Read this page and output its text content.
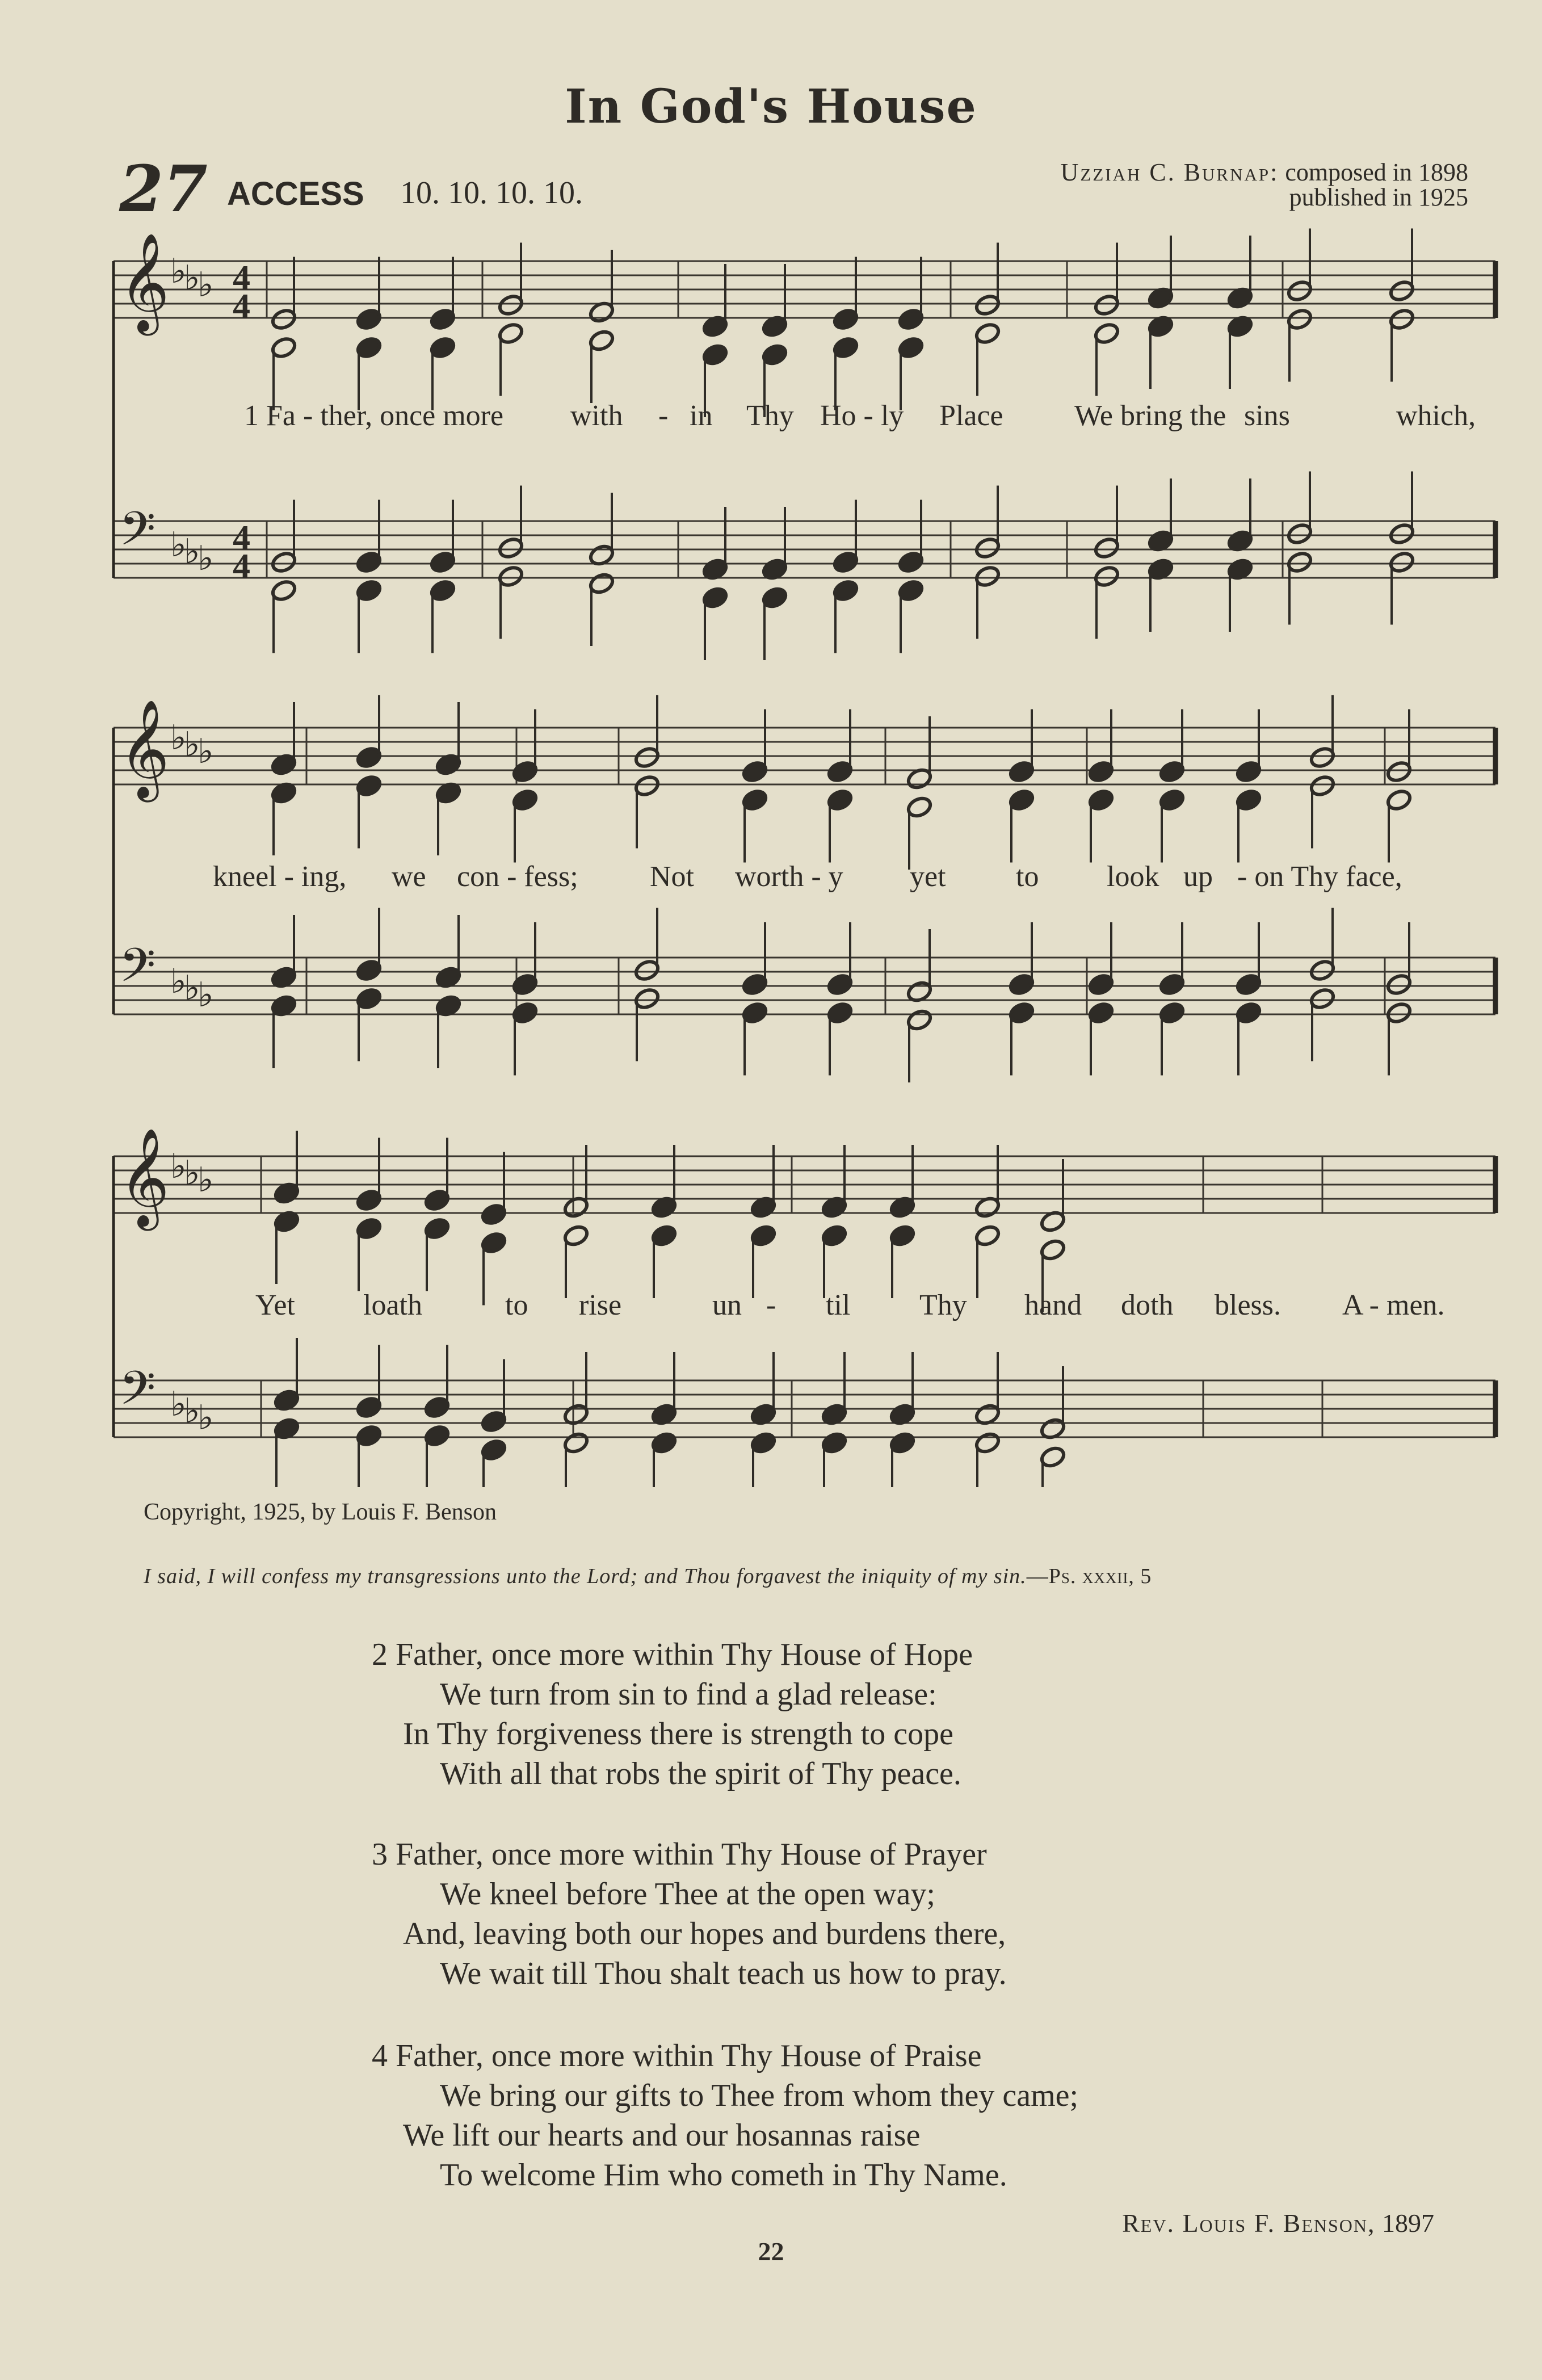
In God's House
27 ACCESS 10. 10. 10. 10.
Uzziah C. Burnap: composed in 1898
published in 1925
𝄞 ♭
♭
♭ 4
4
𝄢 ♭
♭
♭
4
4
𝄞 ♭
♭
♭
𝄢 ♭
♭
♭
𝄞 ♭
♭
♭
𝄢 ♭
♭
♭
1 Fa - ther, once more with - in Thy Ho - ly Place We bring the sins	which,
kneel - ing, we con - fess; Not worth - y yet to look up - on Thy face,
Yet loath	to rise	un - til Thy hand doth bless. A - men.
Copyright, 1925, by Louis F. Benson
I said, I will confess my transgressions unto the Lord; and Thou forgavest the iniquity of my sin.—Ps. xxxii, 5
2 Father, once more within Thy House of Hope
We turn from sin to find a glad release:
In Thy forgiveness there is strength to cope
With all that robs the spirit of Thy peace.
3 Father, once more within Thy House of Prayer
We kneel before Thee at the open way;
And, leaving both our hopes and burdens there,
We wait till Thou shalt teach us how to pray.
4 Father, once more within Thy House of Praise
We bring our gifts to Thee from whom they came;
We lift our hearts and our hosannas raise
To welcome Him who cometh in Thy Name.
Rev. Louis F. Benson, 1897
22
